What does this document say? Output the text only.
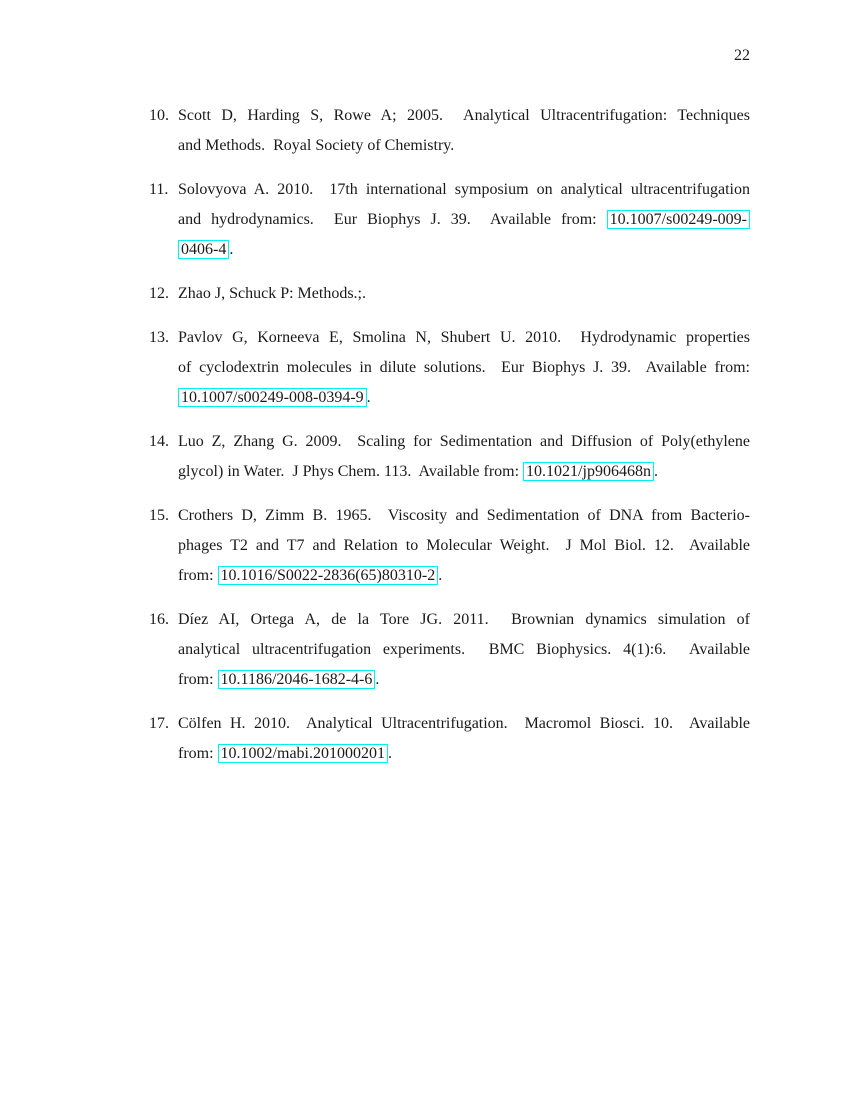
22
10. Scott D, Harding S, Rowe A; 2005.  Analytical Ultracentrifugation: Techniques
and Methods.  Royal Society of Chemistry.
11. Solovyova A. 2010.  17th international symposium on analytical ultracentrifugation
and hydrodynamics.  Eur Biophys J. 39.  Available from: 10.1007/s00249-009-
0406-4 .
12. Zhao J, Schuck P: Methods.;.
13. Pavlov G, Korneeva E, Smolina N, Shubert U. 2010.  Hydrodynamic properties
of cyclodextrin molecules in dilute solutions.  Eur Biophys J. 39.  Available from:
10.1007/s00249-008-0394-9 .
14. Luo Z, Zhang G. 2009.  Scaling for Sedimentation and Diffusion of Poly(ethylene
glycol) in Water.  J Phys Chem. 113.  Available from: 10.1021/jp906468n .
15. Crothers D, Zimm B. 1965.  Viscosity and Sedimentation of DNA from Bacterio-
phages T2 and T7 and Relation to Molecular Weight.  J Mol Biol. 12.  Available
from: 10.1016/S0022-2836(65)80310-2 .
16. Díez AI, Ortega A, de la Tore JG. 2011.  Brownian dynamics simulation of
analytical ultracentrifugation experiments.  BMC Biophysics. 4(1):6.  Available
from: 10.1186/2046-1682-4-6 .
17. Cölfen H. 2010.  Analytical Ultracentrifugation.  Macromol Biosci. 10.  Available
from: 10.1002/mabi.201000201 .
